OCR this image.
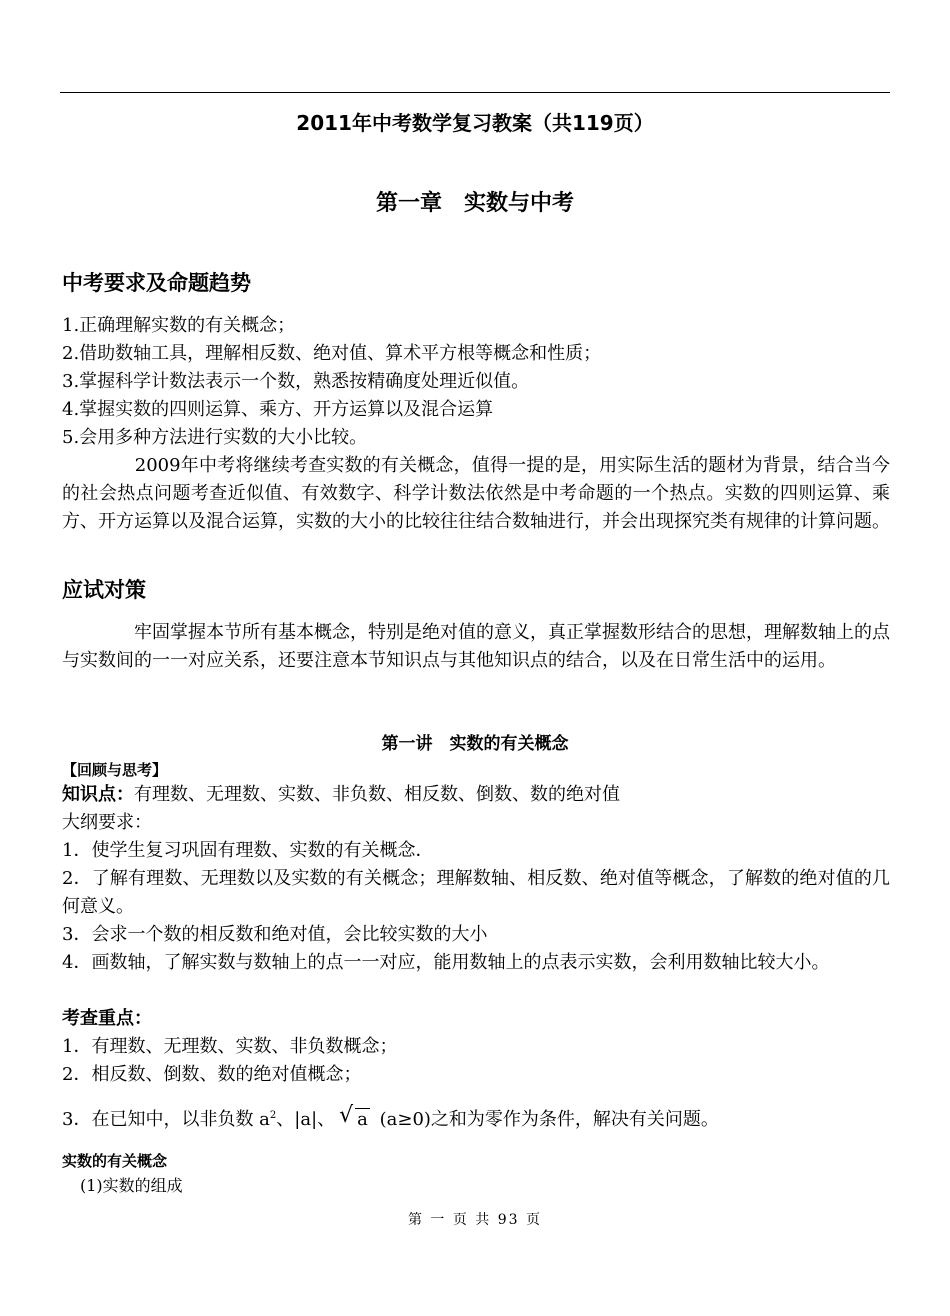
2011年中考数学复习教案（共119页）
第一章　实数与中考
中考要求及命题趋势
1.正确理解实数的有关概念；
2.借助数轴工具，理解相反数、绝对值、算术平方根等概念和性质；
3.掌握科学计数法表示一个数，熟悉按精确度处理近似值。
4.掌握实数的四则运算、乘方、开方运算以及混合运算
5.会用多种方法进行实数的大小比较。
　　　　2009年中考将继续考查实数的有关概念，值得一提的是，用实际生活的题材为背景，结合当今的社会热点问题考查近似值、有效数字、科学计数法依然是中考命题的一个热点。实数的四则运算、乘方、开方运算以及混合运算，实数的大小的比较往往结合数轴进行，并会出现探究类有规律的计算问题。
应试对策
　　　　牢固掌握本节所有基本概念，特别是绝对值的意义，真正掌握数形结合的思想，理解数轴上的点与实数间的一一对应关系，还要注意本节知识点与其他知识点的结合，以及在日常生活中的运用。
第一讲　实数的有关概念
【回顾与思考】
知识点：有理数、无理数、实数、非负数、相反数、倒数、数的绝对值
大纲要求：
1．使学生复习巩固有理数、实数的有关概念．
2．了解有理数、无理数以及实数的有关概念；理解数轴、相反数、绝对值等概念，了解数的绝对值的几何意义。
3．会求一个数的相反数和绝对值，会比较实数的大小
4．画数轴，了解实数与数轴上的点一一对应，能用数轴上的点表示实数，会利用数轴比较大小。
考查重点：
1．有理数、无理数、实数、非负数概念；
2．相反数、倒数、数的绝对值概念；
3．在已知中，以非负数 $a^2$、|a|、 √ a (a≥0)之和为零作为条件，解决有关问题。
实数的有关概念
(1)实数的组成
第 一 页 共 93 页
